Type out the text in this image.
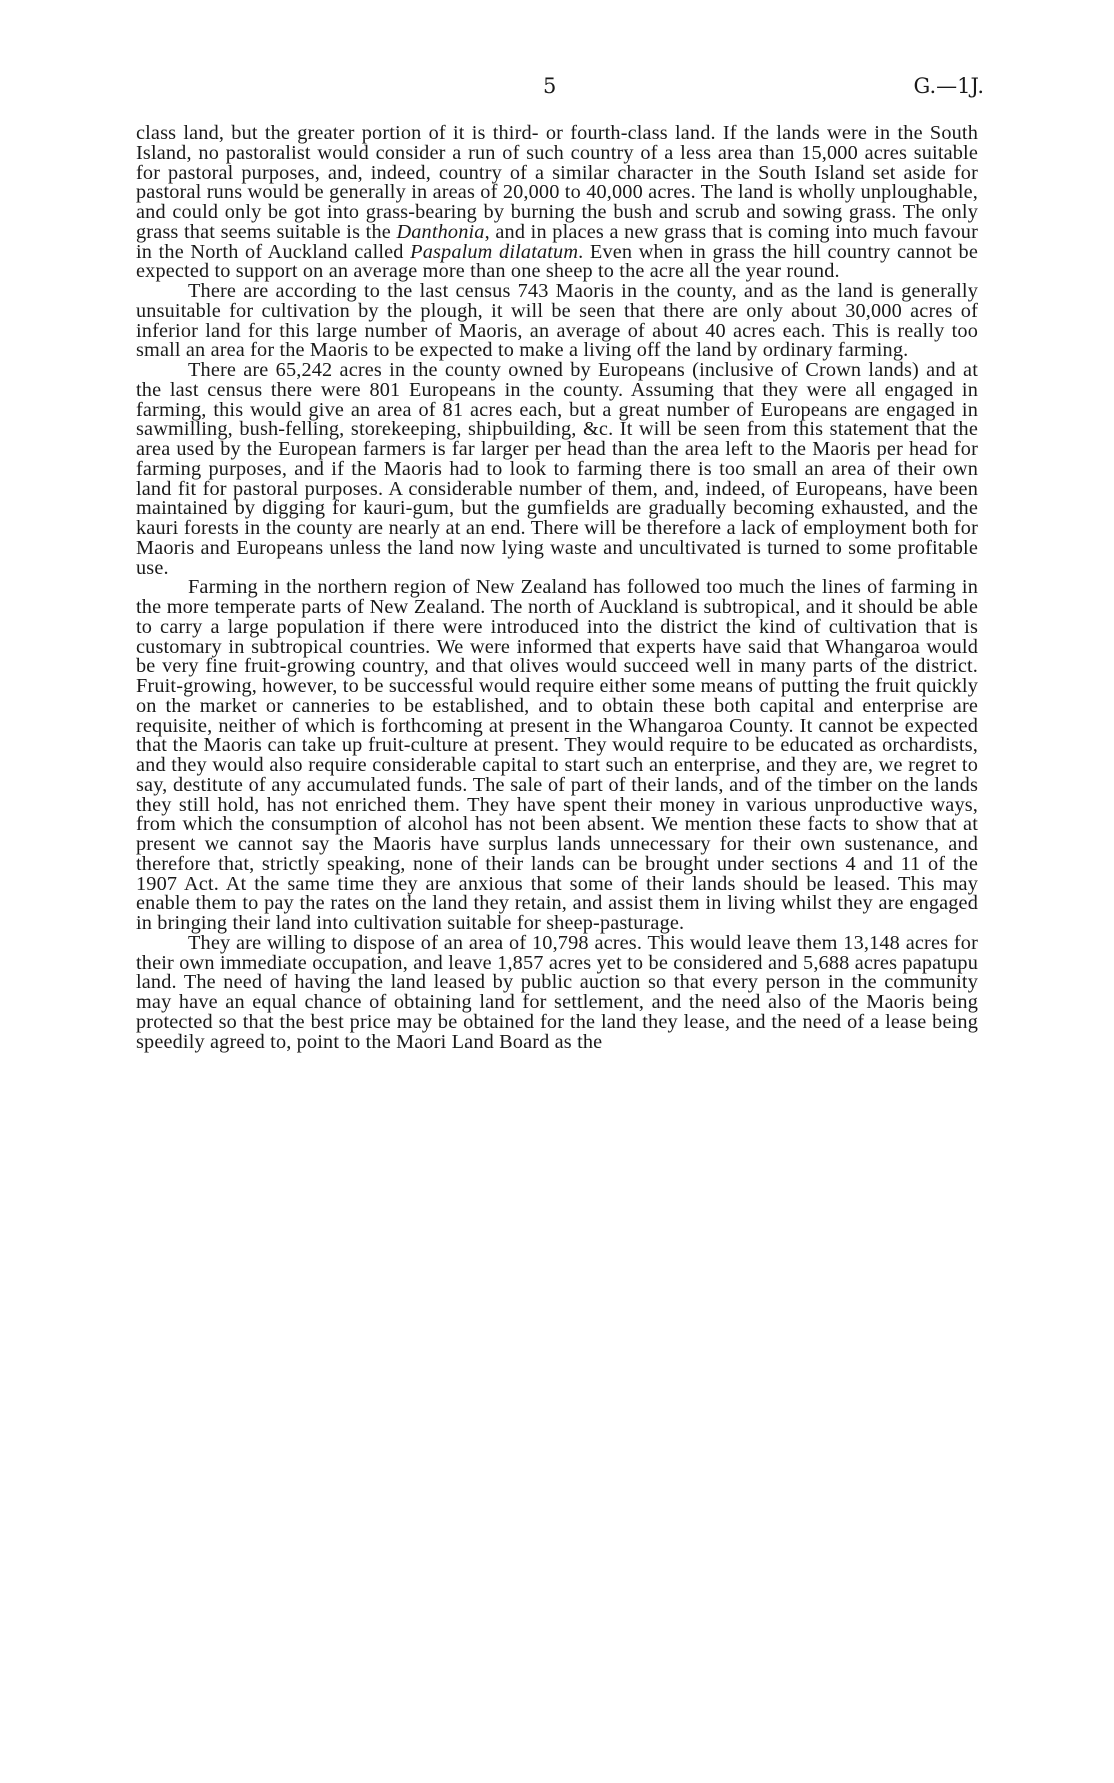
5	G.—1J.

class land, but the greater portion of it is third- or fourth-class land. If the lands were in the South Island, no pastoralist would consider a run of such country of a less area than 15,000 acres suitable for pastoral purposes, and, indeed, country of a similar character in the South Island set aside for pastoral runs would be generally in areas of 20,000 to 40,000 acres. The land is wholly unploughable, and could only be got into grass-bearing by burning the bush and scrub and sowing grass. The only grass that seems suitable is the Danthonia, and in places a new grass that is coming into much favour in the North of Auckland called Paspalum dilatatum. Even when in grass the hill country cannot be expected to support on an average more than one sheep to the acre all the year round.

There are according to the last census 743 Maoris in the county, and as the land is generally unsuitable for cultivation by the plough, it will be seen that there are only about 30,000 acres of inferior land for this large number of Maoris, an average of about 40 acres each. This is really too small an area for the Maoris to be expected to make a living off the land by ordinary farming.

There are 65,242 acres in the county owned by Europeans (inclusive of Crown lands) and at the last census there were 801 Europeans in the county. Assuming that they were all engaged in farming, this would give an area of 81 acres each, but a great number of Europeans are engaged in sawmilling, bush-felling, storekeeping, shipbuilding, &c. It will be seen from this statement that the area used by the European farmers is far larger per head than the area left to the Maoris per head for farming purposes, and if the Maoris had to look to farming there is too small an area of their own land fit for pastoral purposes. A considerable number of them, and, indeed, of Europeans, have been maintained by digging for kauri-gum, but the gumfields are gradually becoming exhausted, and the kauri forests in the county are nearly at an end. There will be therefore a lack of employment both for Maoris and Europeans unless the land now lying waste and uncultivated is turned to some profitable use.

Farming in the northern region of New Zealand has followed too much the lines of farming in the more temperate parts of New Zealand. The north of Auckland is subtropical, and it should be able to carry a large population if there were introduced into the district the kind of cultivation that is customary in subtropical countries. We were informed that experts have said that Whangaroa would be very fine fruit-growing country, and that olives would succeed well in many parts of the district. Fruit-growing, however, to be successful would require either some means of putting the fruit quickly on the market or canneries to be established, and to obtain these both capital and enterprise are requisite, neither of which is forthcoming at present in the Whangaroa County. It cannot be expected that the Maoris can take up fruit-culture at present. They would require to be educated as orchardists, and they would also require considerable capital to start such an enterprise, and they are, we regret to say, destitute of any accumulated funds. The sale of part of their lands, and of the timber on the lands they still hold, has not enriched them. They have spent their money in various unproductive ways, from which the consumption of alcohol has not been absent. We mention these facts to show that at present we cannot say the Maoris have surplus lands unnecessary for their own sustenance, and therefore that, strictly speaking, none of their lands can be brought under sections 4 and 11 of the 1907 Act. At the same time they are anxious that some of their lands should be leased. This may enable them to pay the rates on the land they retain, and assist them in living whilst they are engaged in bringing their land into cultivation suitable for sheep-pasturage.

They are willing to dispose of an area of 10,798 acres. This would leave them 13,148 acres for their own immediate occupation, and leave 1,857 acres yet to be considered and 5,688 acres papatupu land. The need of having the land leased by public auction so that every person in the community may have an equal chance of obtaining land for settlement, and the need also of the Maoris being protected so that the best price may be obtained for the land they lease, and the need of a lease being speedily agreed to, point to the Maori Land Board as the
